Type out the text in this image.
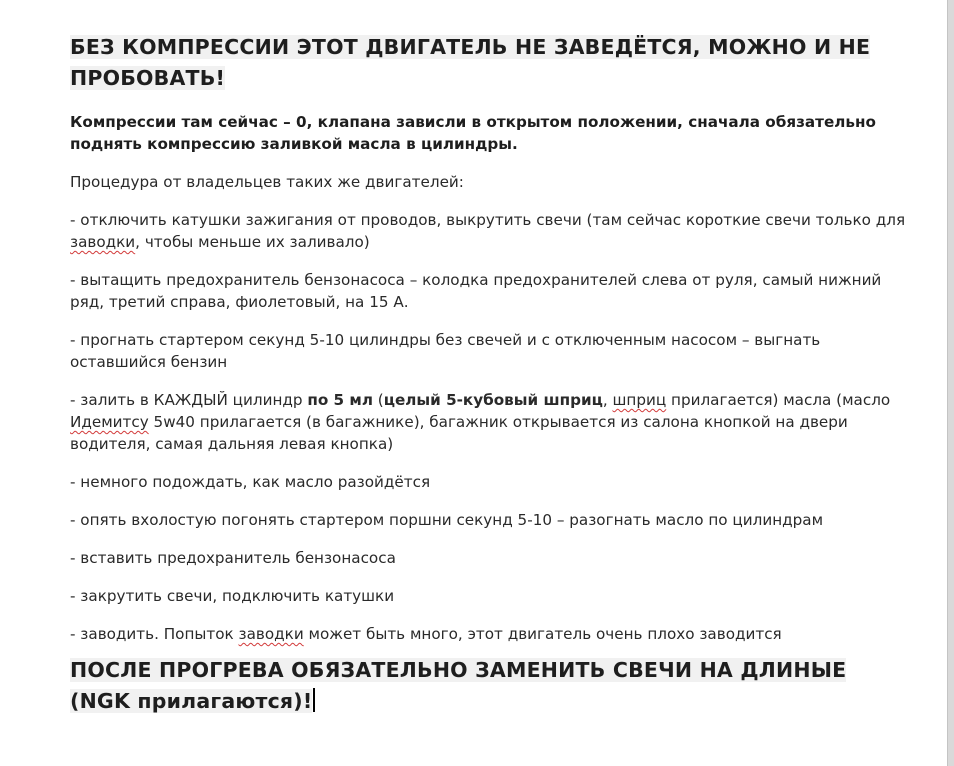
БЕЗ КОМПРЕССИИ ЭТОТ ДВИГАТЕЛЬ НЕ ЗАВЕДЁТСЯ, МОЖНО И НЕ ПРОБОВАТЬ!

Компрессии там сейчас – 0, клапана зависли в открытом положении, сначала обязательно поднять компрессию заливкой масла в цилиндры.

Процедура от владельцев таких же двигателей:

- отключить катушки зажигания от проводов, выкрутить свечи (там сейчас короткие свечи только для заводки, чтобы меньше их заливало)

- вытащить предохранитель бензонасоса – колодка предохранителей слева от руля, самый нижний ряд, третий справа, фиолетовый, на 15 А.

- прогнать стартером секунд 5-10 цилиндры без свечей и с отключенным насосом – выгнать оставшийся бензин

- залить в КАЖДЫЙ цилиндр по 5 мл (целый 5-кубовый шприц, шприц прилагается) масла (масло Идемитсу 5w40 прилагается (в багажнике), багажник открывается из салона кнопкой на двери водителя, самая дальняя левая кнопка)

- немного подождать, как масло разойдётся

- опять вхолостую погонять стартером поршни секунд 5-10 – разогнать масло по цилиндрам

- вставить предохранитель бензонасоса

- закрутить свечи, подключить катушки

- заводить. Попыток заводки может быть много, этот двигатель очень плохо заводится

ПОСЛЕ ПРОГРЕВА ОБЯЗАТЕЛЬНО ЗАМЕНИТЬ СВЕЧИ НА ДЛИНЫЕ
(NGK прилагаются)!
